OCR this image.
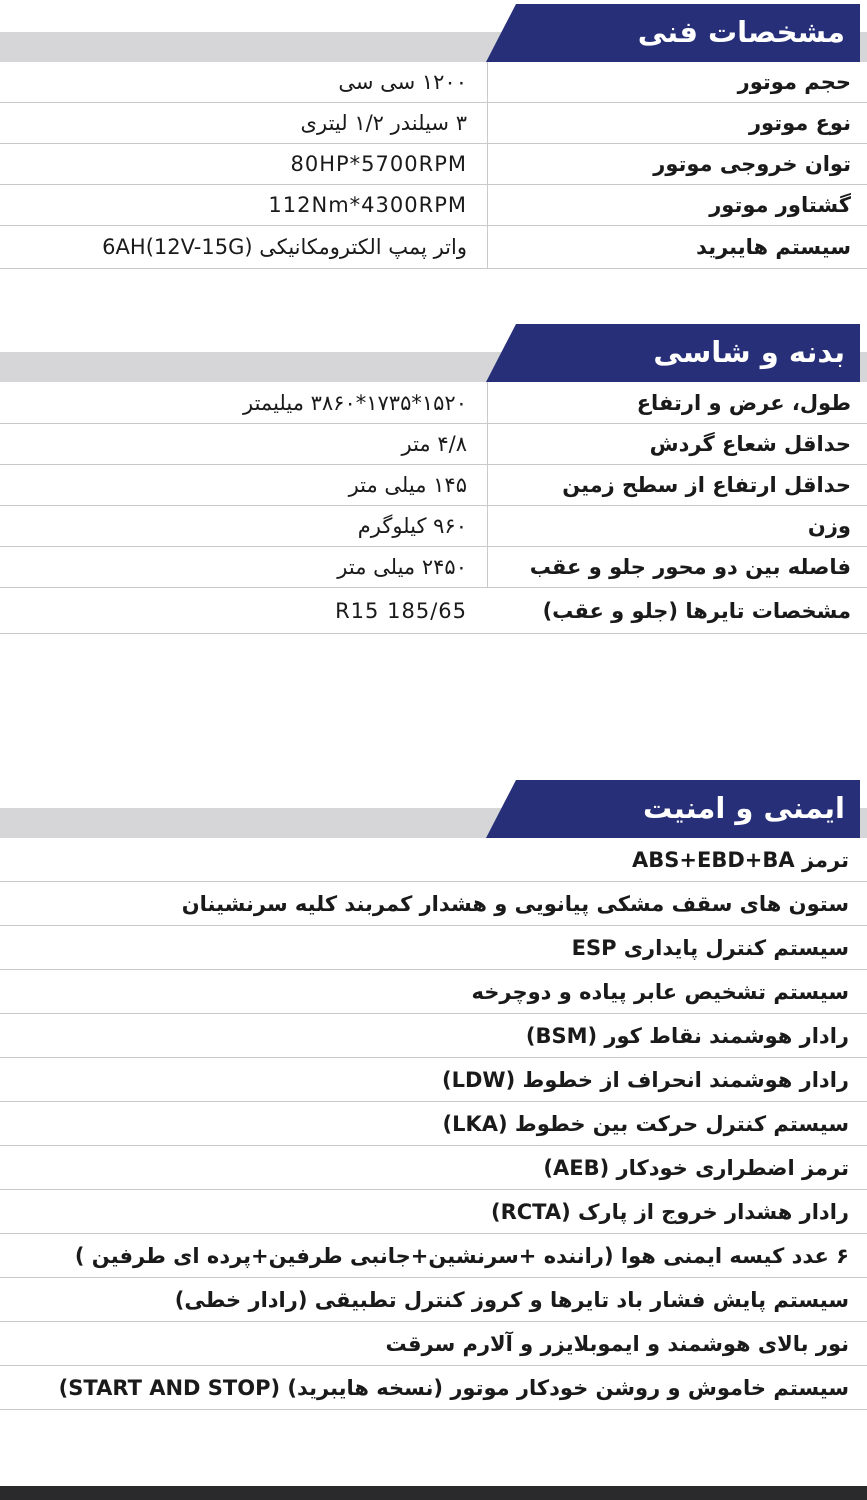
مشخصات فنی
حجم موتور
۱۲۰۰ سی سی
نوع موتور
۳ سیلندر ۱/۲ لیتری
توان خروجی موتور
80HP*5700RPM
گشتاور موتور
112Nm*4300RPM
سیستم هایبرید
واتر پمپ الکترومکانیکی (12V-15G)6AH
بدنه و شاسی
طول، عرض و ارتفاع
۱۵۲۰*۱۷۳۵*۳۸۶۰ میلیمتر
حداقل شعاع گردش
۴/۸ متر
حداقل ارتفاع از سطح زمین
۱۴۵ میلی متر
وزن
۹۶۰ کیلوگرم
فاصله بین دو محور جلو و عقب
۲۴۵۰ میلی متر
مشخصات تایرها (جلو و عقب)
185/65 R15
ایمنی و امنیت
ترمز ABS+EBD+BA
ستون های سقف مشکی پیانویی و هشدار کمربند کلیه سرنشینان
سیستم کنترل پایداری ESP
سیستم تشخیص عابر پیاده و دوچرخه
رادار هوشمند نقاط کور (BSM)
رادار هوشمند انحراف از خطوط (LDW)
سیستم کنترل حرکت بین خطوط (LKA)
ترمز اضطراری خودکار (AEB)
رادار هشدار خروج از پارک (RCTA)
۶ عدد کیسه ایمنی هوا (راننده +سرنشین+جانبی طرفین+پرده ای طرفین )
سیستم پایش فشار باد تایرها و کروز کنترل تطبیقی (رادار خطی)
نور بالای هوشمند و ایموبلایزر و آلارم سرقت
سیستم خاموش و روشن خودکار موتور (نسخه هایبرید) (START AND STOP)
